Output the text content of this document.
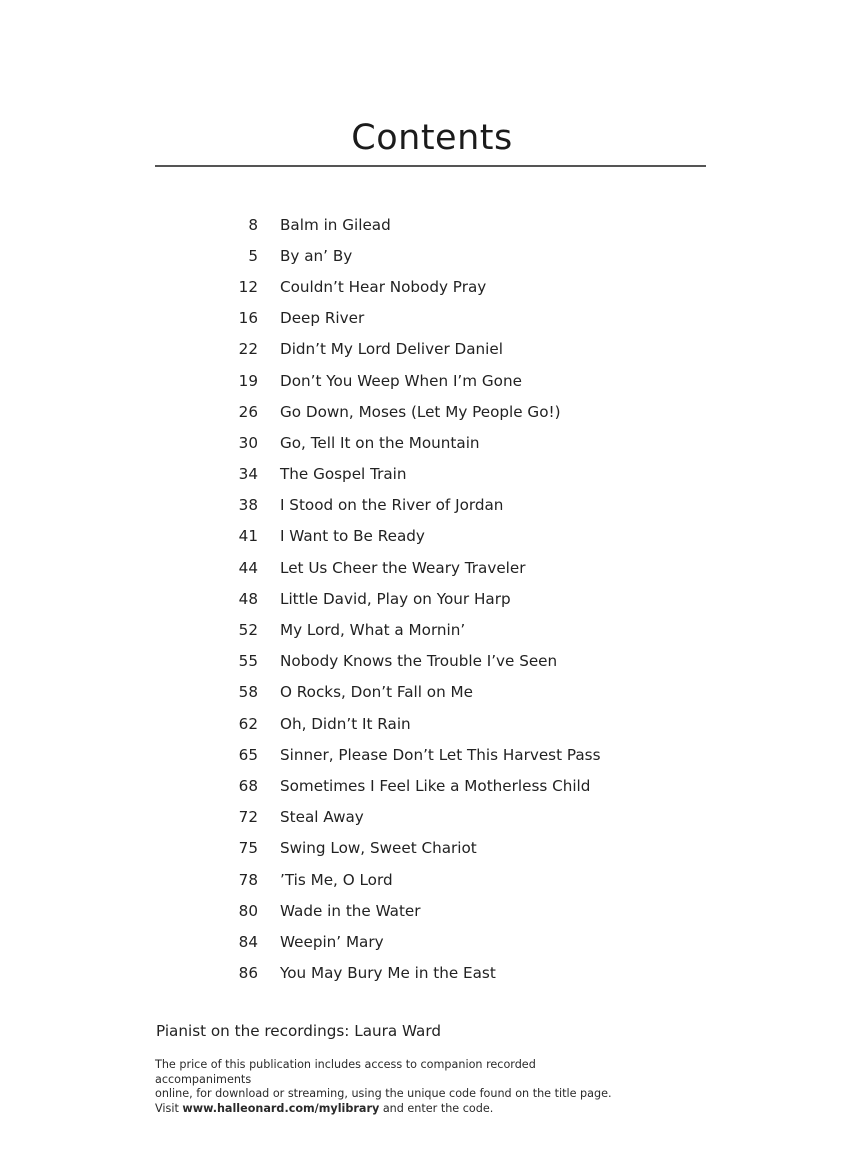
Contents
8 Balm in Gilead
5 By an’ By
12 Couldn’t Hear Nobody Pray
16 Deep River
22 Didn’t My Lord Deliver Daniel
19 Don’t You Weep When I’m Gone
26 Go Down, Moses (Let My People Go!)
30 Go, Tell It on the Mountain
34 The Gospel Train
38 I Stood on the River of Jordan
41 I Want to Be Ready
44 Let Us Cheer the Weary Traveler
48 Little David, Play on Your Harp
52 My Lord, What a Mornin’
55 Nobody Knows the Trouble I’ve Seen
58 O Rocks, Don’t Fall on Me
62 Oh, Didn’t It Rain
65 Sinner, Please Don’t Let This Harvest Pass
68 Sometimes I Feel Like a Motherless Child
72 Steal Away
75 Swing Low, Sweet Chariot
78 ’Tis Me, O Lord
80 Wade in the Water
84 Weepin’ Mary
86 You May Bury Me in the East
Pianist on the recordings: Laura Ward
The price of this publication includes access to companion recorded accompaniments
online, for download or streaming, using the unique code found on the title page.
Visit www.halleonard.com/mylibrary and enter the code.
